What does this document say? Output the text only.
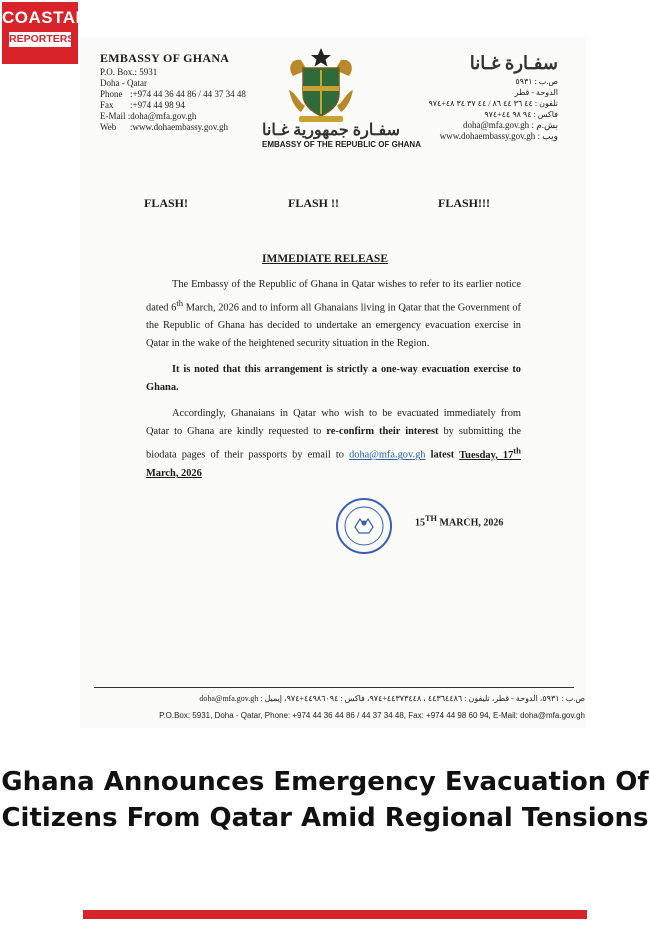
COASTAL
REPORTERS
EMBASSY OF GHANA
P.O. Box.: 5931
Doha - Qatar
Phone :+974 44 36 44 86 / 44 37 34 48
Fax :+974 44 98 94
E-Mail :doha@mfa.gov.gh
Web :www.dohaembassy.gov.gh	سفـارة جمهورية غـانا
EMBASSY OF THE REPUBLIC OF GHANA
سفـارة غـانا
ص.ب : ٥٩٣١
الدوحة - قطر
تلفون : ٤٤ ٣٦ ٤٤ ٨٦ / ٤٤ ٣٧ ٣٤ ٤٨+٩٧٤
فاكس : ٩٤ ٩٨ ٤٤+٩٧٤
doha@mfa.gov.gh : بش.م
www.dohaembassy.gov.gh : ويب
FLASH!	FLASH !!	FLASH!!!
IMMEDIATE RELEASE

The Embassy of the Republic of Ghana in Qatar wishes to refer to its earlier notice dated 6th March, 2026 and to inform all Ghanaians living in Qatar that the Government of the Republic of Ghana has decided to undertake an emergency evacuation exercise in Qatar in the wake of the heightened security situation in the Region.

It is noted that this arrangement is strictly a one-way evacuation exercise to Ghana.

Accordingly, Ghanaians in Qatar who wish to be evacuated immediately from Qatar to Ghana are kindly requested to re-confirm their interest by submitting the biodata pages of their passports by email to doha@mfa.gov.gh latest Tuesday, 17th March, 2026

15TH MARCH, 2026
doha@mfa.gov.gh : ص.ب : ٥٩٣١، الدوحة - قطر، تليفون : ٤٤٣٦٤٤٨٦ ، ٤٤٣٧٣٤٤٨+٩٧٤، فاكس : ٤٤٩٨٦٠٩٤+٩٧٤، إيميل
P.O.Box: 5931, Doha - Qatar, Phone: +974 44 36 44 86 / 44 37 34 48, Fax: +974 44 98 60 94, E-Mail: doha@mfa.gov.gh
Ghana Announces Emergency Evacuation Of Citizens From Qatar Amid Regional Tensions
